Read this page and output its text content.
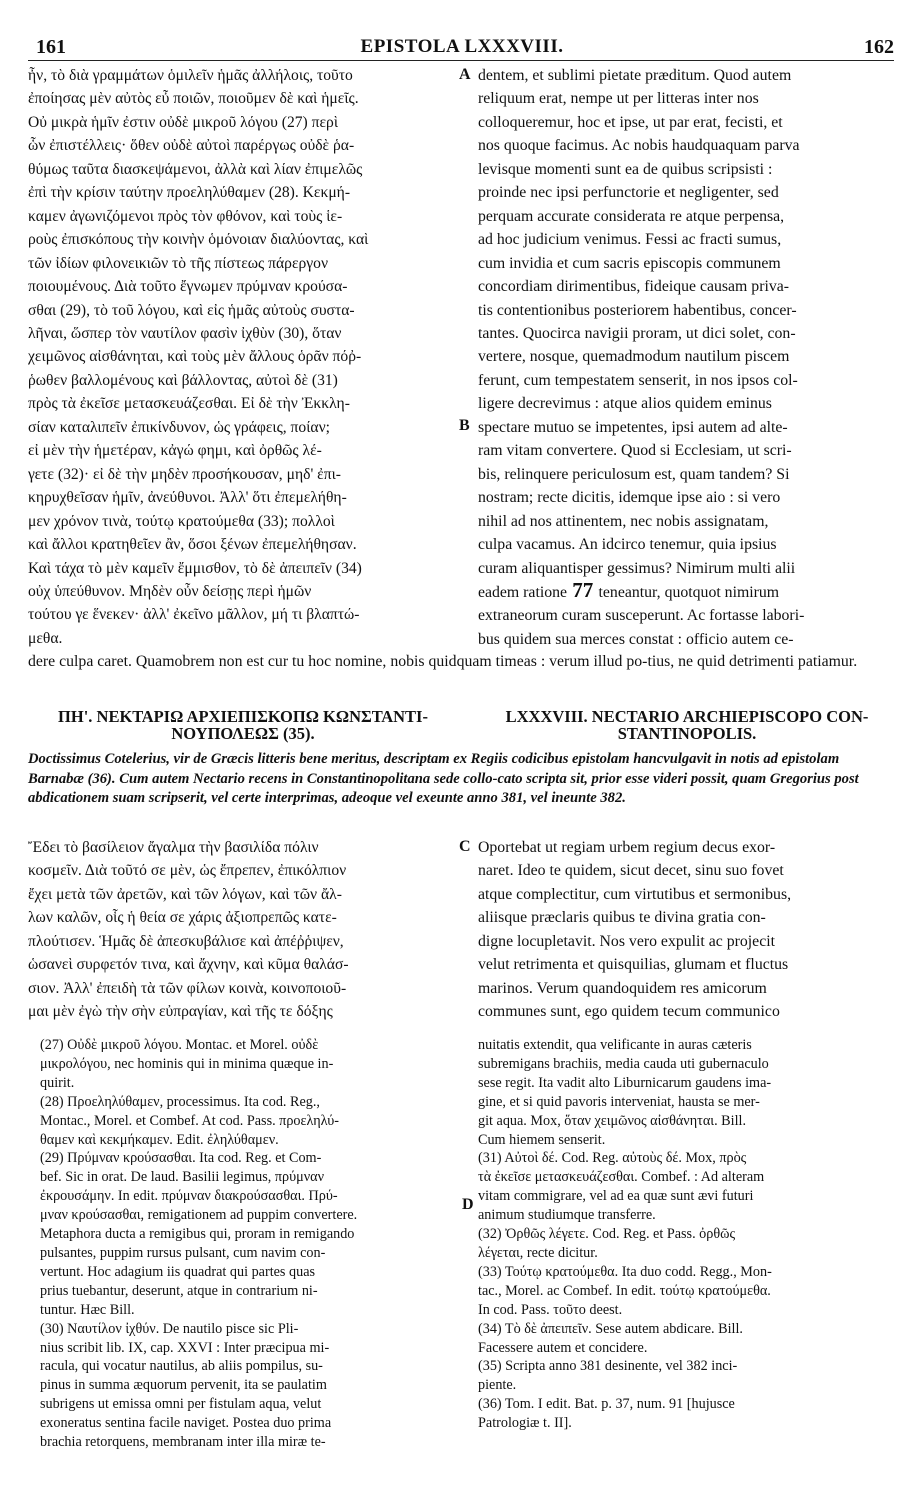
161	EPISTOLA LXXXVIII.	162
ἦν, τὸ διὰ γραμμάτων ὁμιλεῖν ἡμᾶς ἀλλήλοις, τοῦτο
ἐποίησας μὲν αὐτὸς εὖ ποιῶν, ποιοῦμεν δὲ καὶ ἡμεῖς.
Οὐ μικρὰ ἡμῖν ἐστιν οὐδὲ μικροῦ λόγου (27) περὶ
ὧν ἐπιστέλλεις· ὅθεν οὐδὲ αὐτοὶ παρέργως οὐδὲ ῥα-
θύμως ταῦτα διασκεψάμενοι, ἀλλὰ καὶ λίαν ἐπιμελῶς
ἐπὶ τὴν κρίσιν ταύτην προεληλύθαμεν (28). Κεκμή-
καμεν ἀγωνιζόμενοι πρὸς τὸν φθόνον, καὶ τοὺς ἱε-
ροὺς ἐπισκόπους τὴν κοινὴν ὁμόνοιαν διαλύοντας, καὶ
τῶν ἰδίων φιλονεικιῶν τὸ τῆς πίστεως πάρεργον
ποιουμένους. Διὰ τοῦτο ἔγνωμεν πρύμναν κρούσα-
σθαι (29), τὸ τοῦ λόγου, καὶ εἰς ἡμᾶς αὐτοὺς συστα-
λῆναι, ὥσπερ τὸν ναυτίλον φασὶν ἰχθὺν (30), ὅταν
χειμῶνος αἰσθάνηται, καὶ τοὺς μὲν ἄλλους ὁρᾶν πόῤ-
ῥωθεν βαλλομένους καὶ βάλλοντας, αὐτοὶ δὲ (31)
πρὸς τὰ ἐκεῖσε μετασκευάζεσθαι. Εἰ δὲ τὴν Ἐκκλη-
σίαν καταλιπεῖν ἐπικίνδυνον, ὡς γράφεις, ποίαν;
εἰ μὲν τὴν ἡμετέραν, κἀγώ φημι, καὶ ὀρθῶς λέ-
γετε (32)· εἰ δὲ τὴν μηδὲν προσήκουσαν, μηδ' ἐπι-
κηρυχθεῖσαν ἡμῖν, ἀνεύθυνοι. Ἀλλ' ὅτι ἐπεμελήθη-
μεν χρόνον τινὰ, τούτῳ κρατούμεθα (33); πολλοὶ
καὶ ἄλλοι κρατηθεῖεν ἂν, ὅσοι ξένων ἐπεμελήθησαν.
Καὶ τάχα τὸ μὲν καμεῖν ἔμμισθον, τὸ δὲ ἀπειπεῖν (34)
οὐχ ὑπεύθυνον. Μηδὲν οὖν δείσῃς περὶ ἡμῶν
τούτου γε ἕνεκεν· ἀλλ' ἐκεῖνο μᾶλλον, μή τι βλαπτώ-
μεθα.
A
B
dentem, et sublimi pietate præditum. Quod autem
reliquum erat, nempe ut per litteras inter nos
colloqueremur, hoc et ipse, ut par erat, fecisti, et
nos quoque facimus. Ac nobis haudquaquam parva
levisque momenti sunt ea de quibus scripsisti :
proinde nec ipsi perfunctorie et negligenter, sed
perquam accurate considerata re atque perpensa,
ad hoc judicium venimus. Fessi ac fracti sumus,
cum invidia et cum sacris episcopis communem
concordiam dirimentibus, fideique causam priva-
tis contentionibus posteriorem habentibus, concer-
tantes. Quocirca navigii proram, ut dici solet, con-
vertere, nosque, quemadmodum nautilum piscem
ferunt, cum tempestatem senserit, in nos ipsos col-
ligere decrevimus : atque alios quidem eminus
spectare mutuo se impetentes, ipsi autem ad alte-
ram vitam convertere. Quod si Ecclesiam, ut scri-
bis, relinquere periculosum est, quam tandem? Si
nostram; recte dicitis, idemque ipse aio : si vero
nihil ad nos attinentem, nec nobis assignatam,
culpa vacamus. An idcirco tenemur, quia ipsius
curam aliquantisper gessimus? Nimirum multi alii
eadem ratione 77 teneantur, quotquot nimirum
extraneorum curam susceperunt. Ac fortasse labori-
bus quidem sua merces constat : officio autem ce-
dere culpa caret. Quamobrem non est cur tu hoc nomine, nobis quidquam timeas : verum illud po-tius, ne quid detrimenti patiamur.
ΠΗ'. ΝΕΚΤΑΡΙΩ ΑΡΧΙΕΠΙΣΚΟΠΩ ΚΩΝΣΤΑΝΤΙ-ΝΟΥΠΟΛΕΩΣ (35).
LXXXVIII. NECTARIO ARCHIEPISCOPO CON-STANTINOPOLIS.
Doctissimus Cotelerius, vir de Græcis litteris bene meritus, descriptam ex Regiis codicibus epistolam hancvulgavit in notis ad epistolam Barnabæ (36). Cum autem Nectario recens in Constantinopolitana sede collo-cato scripta sit, prior esse videri possit, quam Gregorius post abdicationem suam scripserit, vel certe interprimas, adeoque vel exeunte anno 381, vel ineunte 382.
Ἔδει τὸ βασίλειον ἄγαλμα τὴν βασιλίδα πόλιν
κοσμεῖν. Διὰ τοῦτό σε μὲν, ὡς ἔπρεπεν, ἐπικόλπιον
ἔχει μετὰ τῶν ἀρετῶν, καὶ τῶν λόγων, καὶ τῶν ἄλ-
λων καλῶν, οἷς ἡ θεία σε χάρις ἀξιοπρεπῶς κατε-
πλούτισεν. Ἡμᾶς δὲ ἀπεσκυβάλισε καὶ ἀπέῤῥιψεν,
ὡσανεὶ συρφετόν τινα, καὶ ἄχνην, καὶ κῦμα θαλάσ-
σιον. Ἀλλ' ἐπειδὴ τὰ τῶν φίλων κοινὰ, κοινοποιοῦ-
μαι μὲν ἐγὼ τὴν σὴν εὐπραγίαν, καὶ τῆς τε δόξης
C Oportebat ut regiam urbem regium decus exor-
naret. Ideo te quidem, sicut decet, sinu suo fovet
atque complectitur, cum virtutibus et sermonibus,
aliisque præclaris quibus te divina gratia con-
digne locupletavit. Nos vero expulit ac projecit
velut retrimenta et quisquilias, glumam et fluctus
marinos. Verum quandoquidem res amicorum
communes sunt, ego quidem tecum communico
(27) Οὐδὲ μικροῦ λόγου. Montac. et Morel. οὐδὲ
μικρολόγου, nec hominis qui in minima quæque in-
quirit.
(28) Προεληλύθαμεν, processimus. Ita cod. Reg.,
Montac., Morel. et Combef. At cod. Pass. προεληλύ-
θαμεν καὶ κεκμήκαμεν. Edit. ἐληλύθαμεν.
(29) Πρύμναν κρούσασθαι. Ita cod. Reg. et Com-
bef. Sic in orat. De laud. Basilii legimus, πρύμναν
ἐκρουσάμην. In edit. πρύμναν διακρούσασθαι. Πρύ-
μναν κρούσασθαι, remigationem ad puppim convertere.
Metaphora ducta a remigibus qui, proram in remigando
pulsantes, puppim rursus pulsant, cum navim con-
vertunt. Hoc adagium iis quadrat qui partes quas
prius tuebantur, deserunt, atque in contrarium ni-
tuntur. Hæc Bill.
(30) Ναυτίλον ἰχθύν. De nautilo pisce sic Pli-
nius scribit lib. IX, cap. XXVI : Inter præcipua mi-
racula, qui vocatur nautilus, ab aliis pompilus, su-
pinus in summa æquorum pervenit, ita se paulatim
subrigens ut emissa omni per fistulam aqua, velut
exoneratus sentina facile naviget. Postea duo prima
brachia retorquens, membranam inter illa miræ te-
D
nuitatis extendit, qua velificante in auras cæteris
subremigans brachiis, media cauda uti gubernaculo
sese regit. Ita vadit alto Liburnicarum gaudens ima-
gine, et si quid pavoris interveniat, hausta se mer-
git aqua. Mox, ὅταν χειμῶνος αἰσθάνηται. Bill.
Cum hiemem senserit.
(31) Αὐτοὶ δέ. Cod. Reg. αὐτοὺς δέ. Mox, πρὸς
τὰ ἐκεῖσε μετασκευάζεσθαι. Combef. : Ad alteram
vitam commigrare, vel ad ea quæ sunt ævi futuri
animum studiumque transferre.
(32) Ὀρθῶς λέγετε. Cod. Reg. et Pass. ὀρθῶς
λέγεται, recte dicitur.
(33) Τούτῳ κρατούμεθα. Ita duo codd. Regg., Mon-
tac., Morel. ac Combef. In edit. τούτῳ κρατούμεθα.
In cod. Pass. τοῦτο deest.
(34) Τὸ δὲ ἀπειπεῖν. Sese autem abdicare. Bill.
Facessere autem et concidere.
(35) Scripta anno 381 desinente, vel 382 inci-
piente.
(36) Tom. I edit. Bat. p. 37, num. 91 [hujusce
Patrologiæ t. II].
